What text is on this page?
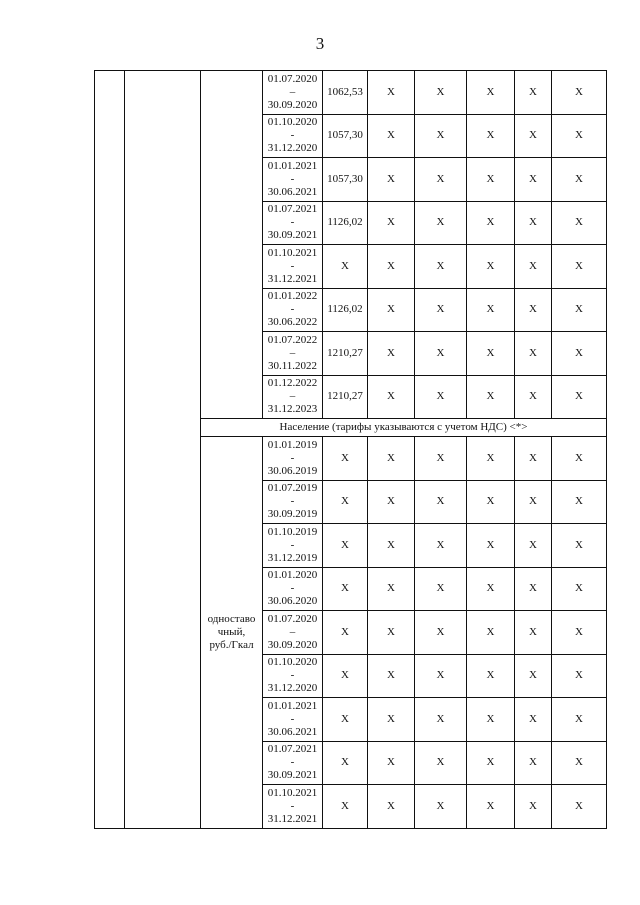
3

			01.07.2020
–
30.09.2020	1062,53	X	X	X	X	X

			01.10.2020
-
31.12.2020	1057,30	X	X	X	X	X

			01.01.2021
-
30.06.2021	1057,30	X	X	X	X	X

			01.07.2021
-
30.09.2021	1126,02	X	X	X	X	X

			01.10.2021
-
31.12.2021	X	X	X	X	X	X

			01.01.2022
-
30.06.2022	1126,02	X	X	X	X	X

			01.07.2022
–
30.11.2022	1210,27	X	X	X	X	X

			01.12.2022
–
31.12.2023	1210,27	X	X	X	X	X
		Население (тарифы указываются с учетом НДС) <*>							

		одноставо
чный,
руб./Гкал	01.01.2019
-
30.06.2019	X	X	X	X	X	X

			01.07.2019
-
30.09.2019	X	X	X	X	X	X

			01.10.2019
-
31.12.2019	X	X	X	X	X	X

			01.01.2020
-
30.06.2020	X	X	X	X	X	X

			01.07.2020
–
30.09.2020	X	X	X	X	X	X

			01.10.2020
-
31.12.2020	X	X	X	X	X	X

			01.01.2021
-
30.06.2021	X	X	X	X	X	X

			01.07.2021
-
30.09.2021	X	X	X	X	X	X

			01.10.2021
-
31.12.2021	X	X	X	X	X	X
